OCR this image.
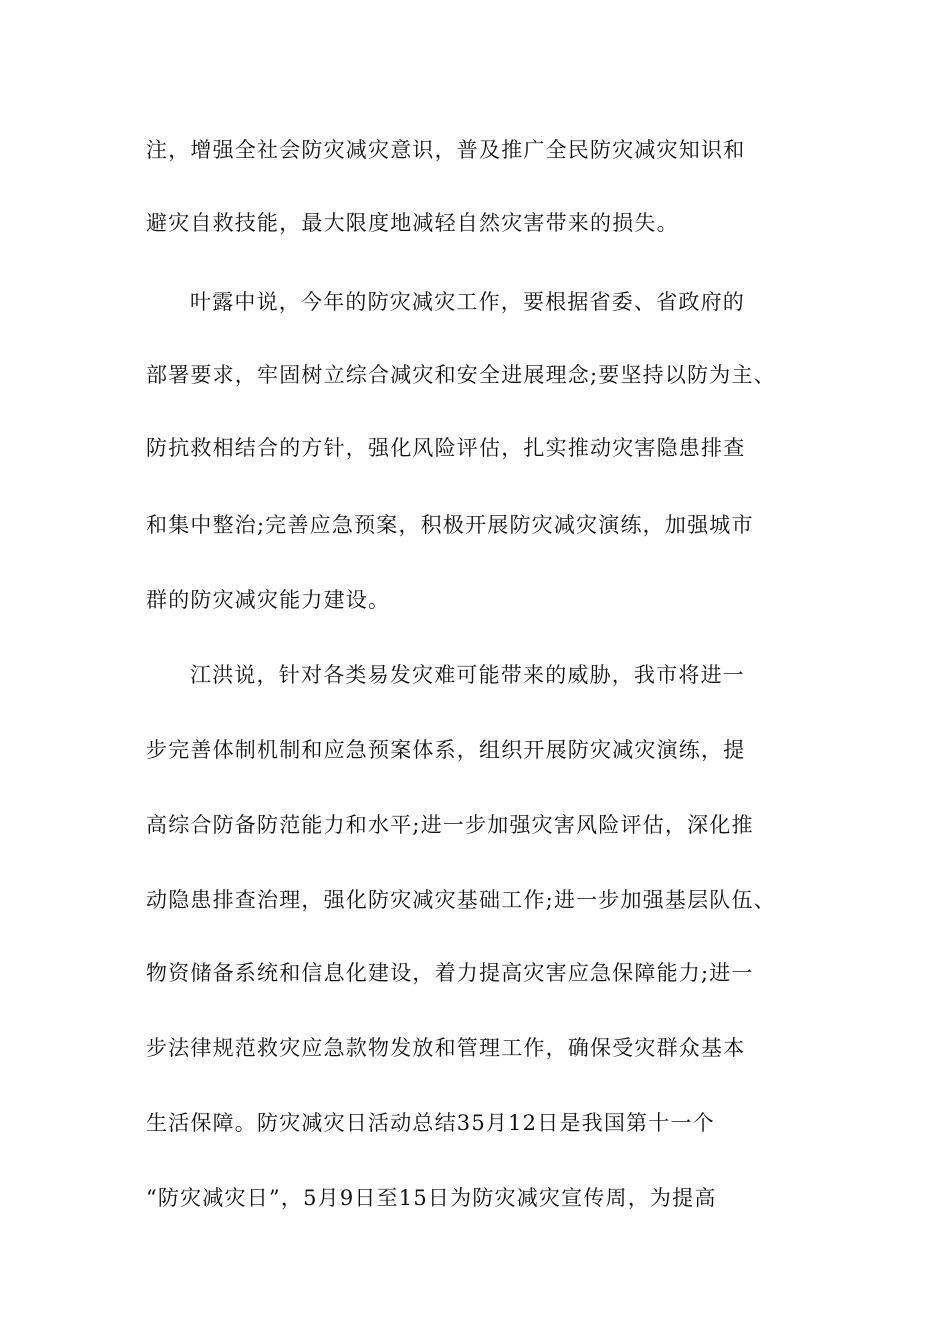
注，增强全社会防灾减灾意识，普及推广全民防灾减灾知识和
避灾自救技能，最大限度地减轻自然灾害带来的损失。
叶露中说，今年的防灾减灾工作，要根据省委、省政府的
部署要求，牢固树立综合减灾和安全进展理念;要坚持以防为主、
防抗救相结合的方针，强化风险评估，扎实推动灾害隐患排查
和集中整治;完善应急预案，积极开展防灾减灾演练，加强城市
群的防灾减灾能力建设。
江洪说，针对各类易发灾难可能带来的威胁，我市将进一
步完善体制机制和应急预案体系，组织开展防灾减灾演练，提
高综合防备防范能力和水平;进一步加强灾害风险评估，深化推
动隐患排查治理，强化防灾减灾基础工作;进一步加强基层队伍、
物资储备系统和信息化建设，着力提高灾害应急保障能力;进一
步法律规范救灾应急款物发放和管理工作，确保受灾群众基本
生活保障。防灾减灾日活动总结35月12日是我国第十一个
“防灾减灾日”，5月9日至15日为防灾减灾宣传周，为提高
